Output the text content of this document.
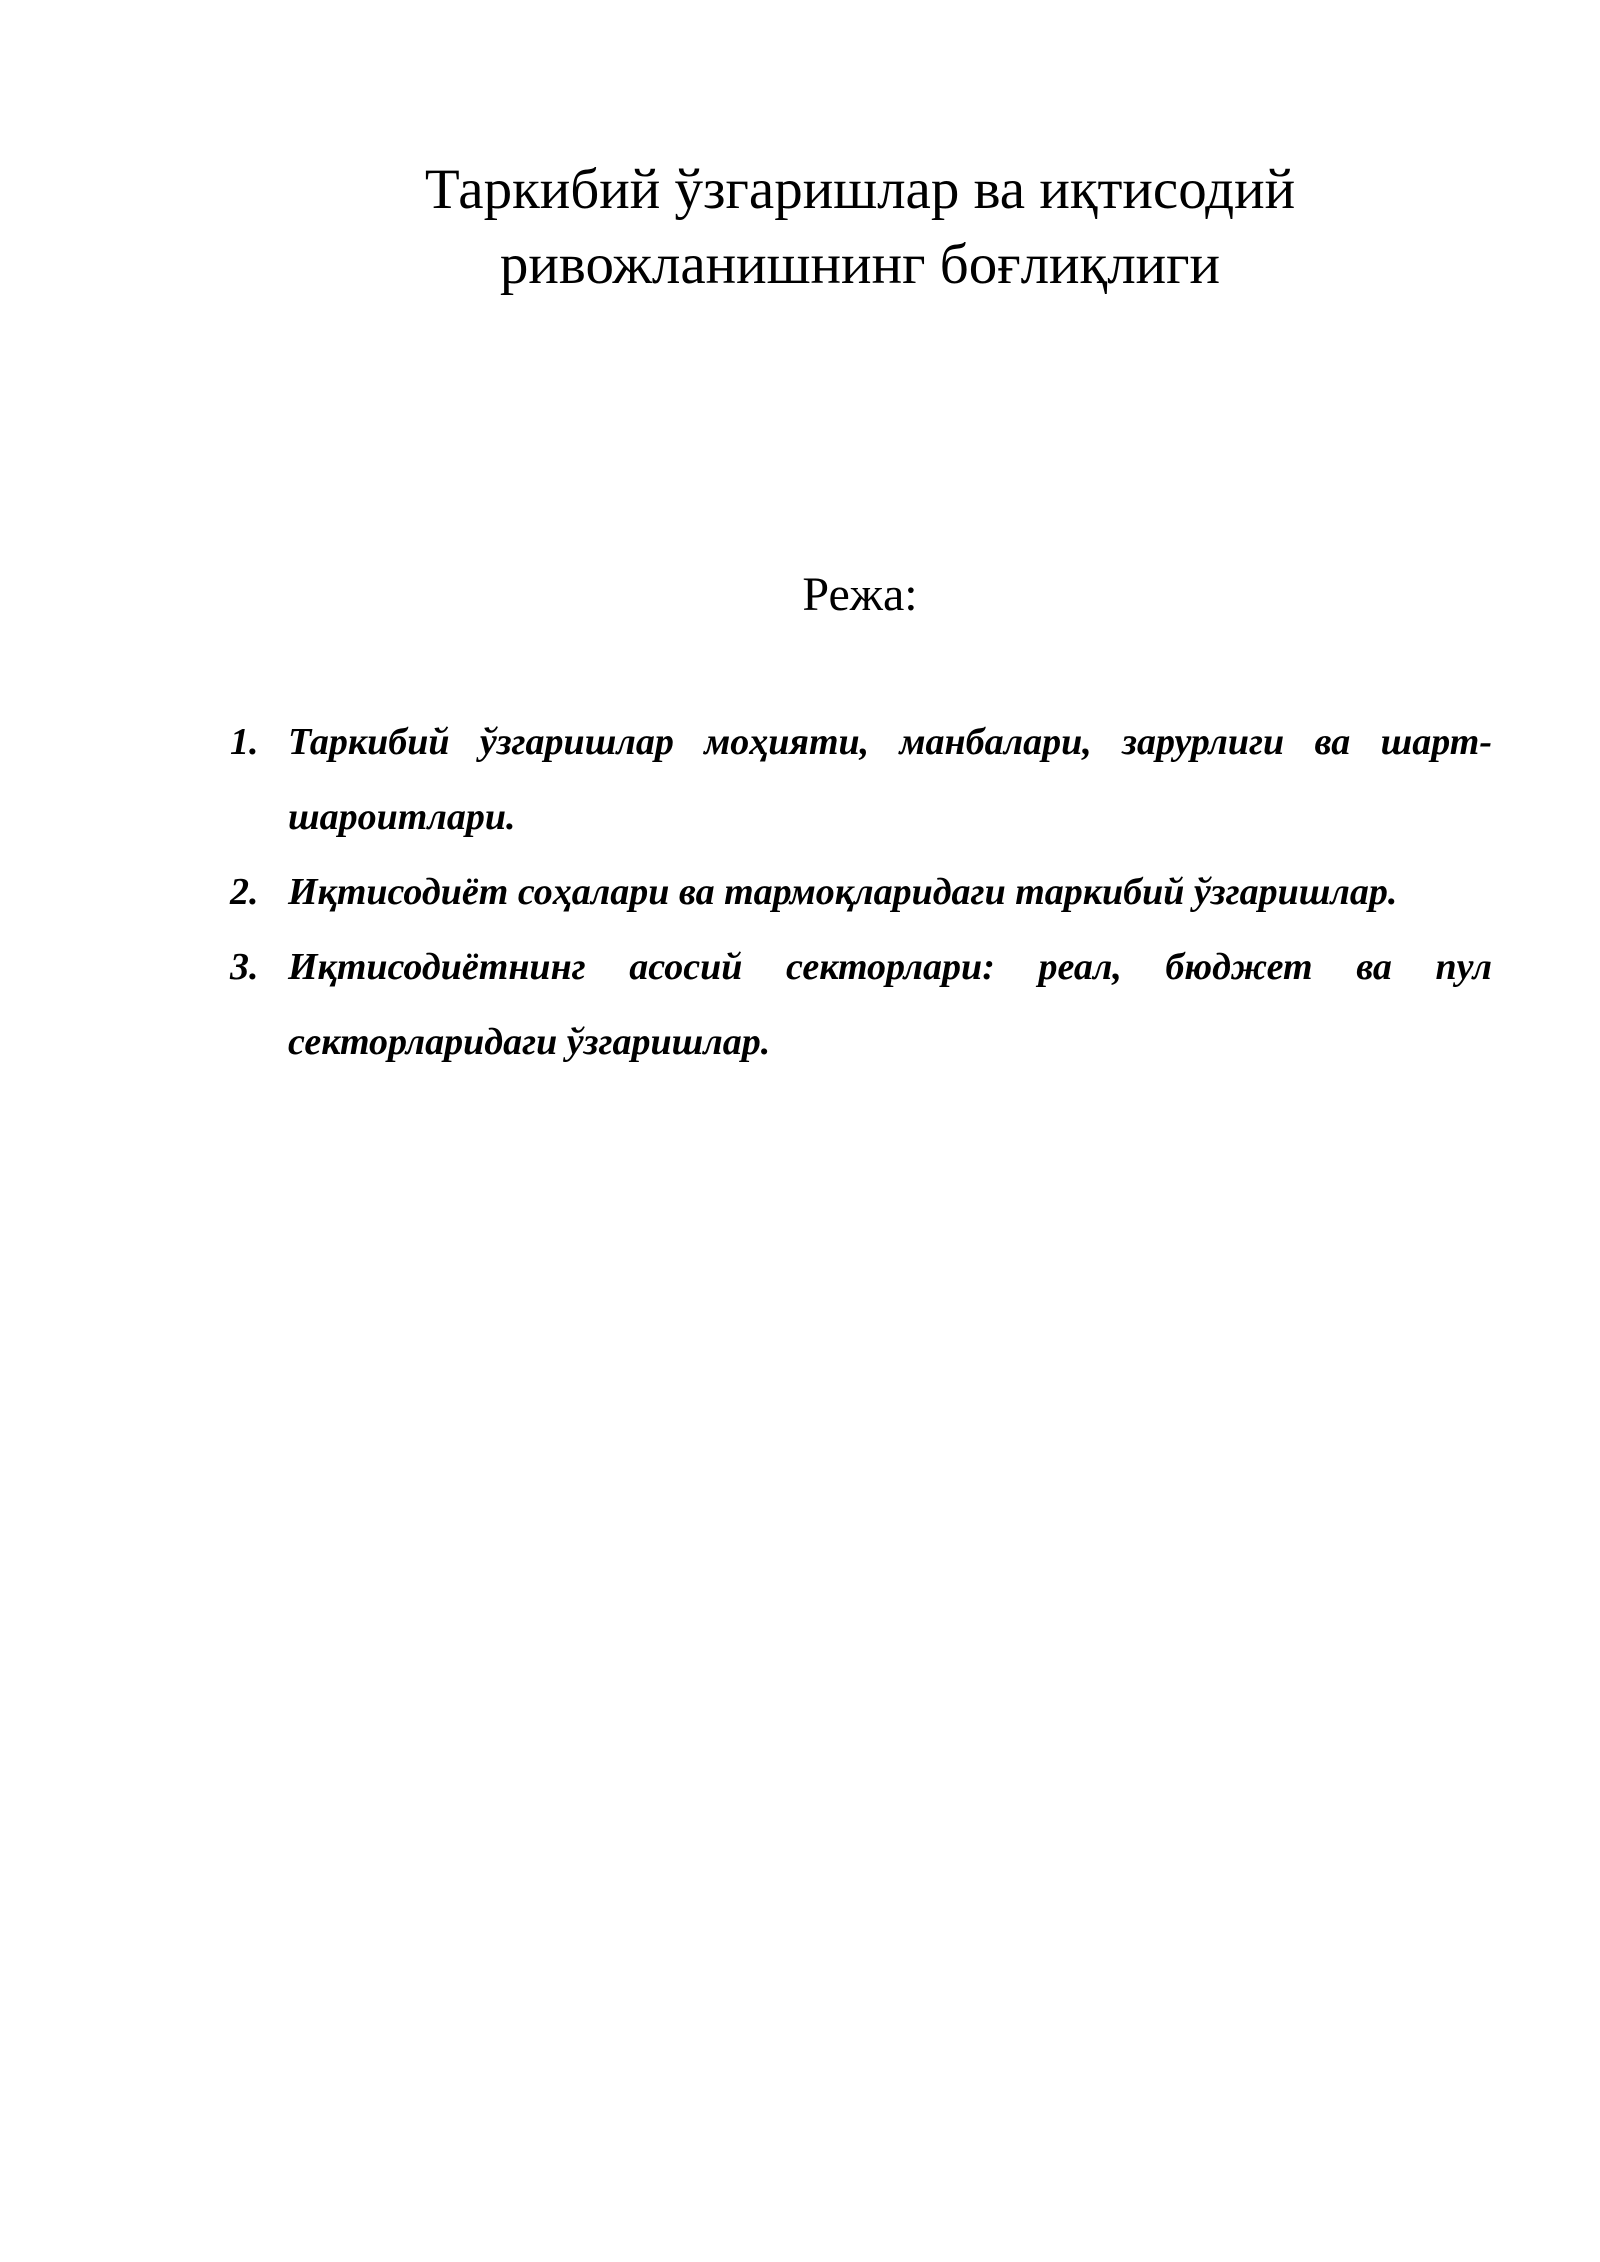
Таркибий ўзгаришлар ва иқтисодий
ривожланишнинг боғлиқлиги
Режа:
1. Таркибий ўзгаришлар моҳияти, манбалари, зарурлиги ва шарт-шароитлари.
2. Иқтисодиёт соҳалари ва тармоқларидаги таркибий ўзгаришлар.
3. Иқтисодиётнинг асосий секторлари: реал, бюджет ва пул секторларидаги ўзгаришлар.
